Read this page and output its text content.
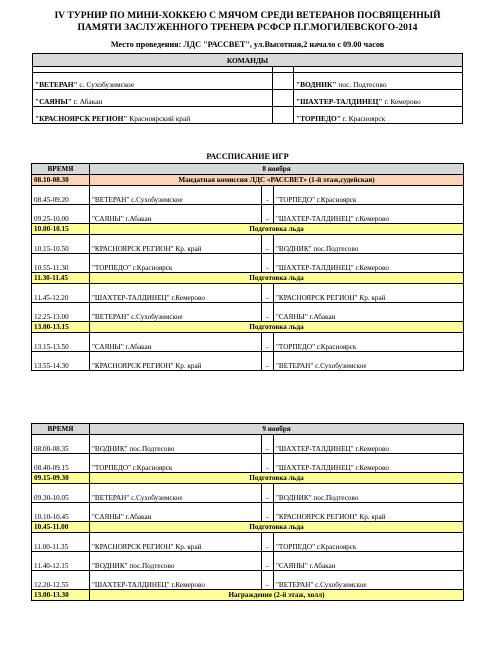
IV ТУРНИР ПО МИНИ-ХОККЕЮ С МЯЧОМ СРЕДИ ВЕТЕРАНОВ ПОСВЯЩЕННЫЙ
ПАМЯТИ ЗАСЛУЖЕННОГО ТРЕНЕРА РСФСР П.Г.МОГИЛЕВСКОГО-2014
Место проведения: ЛДС "РАССВЕТ", ул.Высотная,2 начало с 09.00 часов
КОМАНДЫ		

"ВЕТЕРАН" с. Сухобузимское		"ВОДНИК" пос. Подтесово
"САЯНЫ" г. Абакан		"ШАХТЕР-ТАЛДИНЕЦ" г. Кемерово
"КРАСНОЯРСК РЕГИОН" Красноярский край		"ТОРПЕДО" г. Красноярск
РАССПИСАНИЕ ИГР
ВРЕМЯ	8 ноября		
08.10-08.30	Мандатная комиссия ЛДС «РАССВЕТ» (1-й этаж,судейская)		
08.45-09.20	"ВЕТЕРАН" с.Сухобузимское	-	"ТОРПЕДО" г.Красноярск
09.25-10.00	"САЯНЫ" г.Абакан	-	"ШАХТЕР-ТАЛДИНЕЦ" г.Кемерово
10.00-10.15	Подготовка льда		
10.15-10.50	"КРАСНОЯРСК РЕГИОН" Кр. край	-	"ВОДНИК" пос.Подтесово
10.55-11.30	"ТОРПЕДО" г.Красноярск	-	"ШАХТЕР-ТАЛДИНЕЦ" г.Кемерово
11.30-11.45	Подготовка льда		
11.45-12.20	"ШАХТЕР-ТАЛДИНЕЦ" г.Кемерово	-	"КРАСНОЯРСК РЕГИОН" Кр. край
12.25-13.00	"ВЕТЕРАН" с.Сухобузимское	-	"САЯНЫ" г.Абакан
13.00-13.15	Подготовка льда		
13.15-13.50	"САЯНЫ" г.Абакан	-	"ТОРПЕДО" г.Красноярск
13.55-14.30	"КРАСНОЯРСК РЕГИОН" Кр. край	-	"ВЕТЕРАН" с.Сухобузимское
ВРЕМЯ	9 ноября		
08.00-08.35	"ВОДНИК" пос.Подтесово	-	"ШАХТЕР-ТАЛДИНЕЦ" г.Кемерово
08.40-09.15	"ТОРПЕДО" г.Красноярск	-	"ШАХТЕР-ТАЛДИНЕЦ" г.Кемерово
09.15-09.30	Подготовка льда		
09.30-10.05	"ВЕТЕРАН" с.Сухобузимское	-	"ВОДНИК" пос.Подтесово
10.10-10.45	"САЯНЫ" г.Абакан	-	"КРАСНОЯРСК РЕГИОН" Кр. край
10.45-11.00	Подготовка льда		
11.00-11.35	"КРАСНОЯРСК РЕГИОН" Кр. край	-	"ТОРПЕДО" г.Красноярск
11.40-12.15	"ВОДНИК" пос.Подтесово	-	"САЯНЫ" г.Абакан
12.20-12.55	"ШАХТЕР-ТАЛДИНЕЦ" г.Кемерово	-	"ВЕТЕРАН" с.Сухобузимское
13.00-13.30	Награждение (2-й этаж, холл)		
